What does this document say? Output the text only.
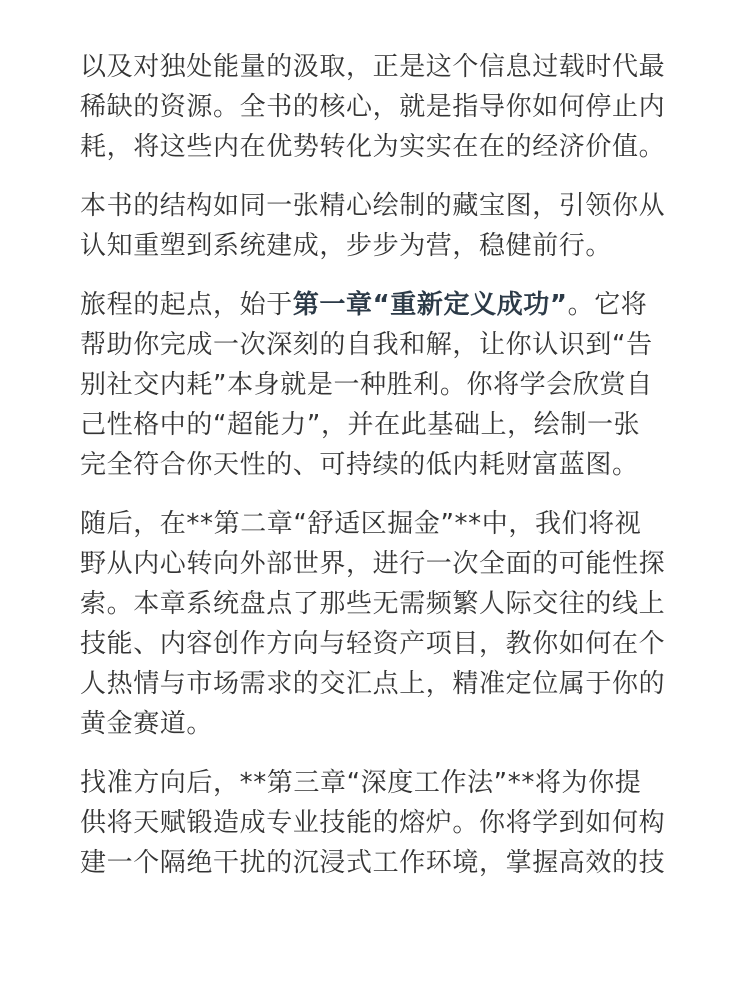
以及对独处能量的汲取，正是这个信息过载时代最
稀缺的资源。全书的核心，就是指导你如何停止内
耗，将这些内在优势转化为实实在在的经济价值。

本书的结构如同一张精心绘制的藏宝图，引领你从
认知重塑到系统建成，步步为营，稳健前行。

旅程的起点，始于第一章“重新定义成功”。它将
帮助你完成一次深刻的自我和解，让你认识到“告
别社交内耗”本身就是一种胜利。你将学会欣赏自
己性格中的“超能力”，并在此基础上，绘制一张
完全符合你天性的、可持续的低内耗财富蓝图。

随后，在**第二章“舒适区掘金”**中，我们将视
野从内心转向外部世界，进行一次全面的可能性探
索。本章系统盘点了那些无需频繁人际交往的线上
技能、内容创作方向与轻资产项目，教你如何在个
人热情与市场需求的交汇点上，精准定位属于你的
黄金赛道。

找准方向后，**第三章“深度工作法”**将为你提
供将天赋锻造成专业技能的熔炉。你将学到如何构
建一个隔绝干扰的沉浸式工作环境，掌握高效的技
